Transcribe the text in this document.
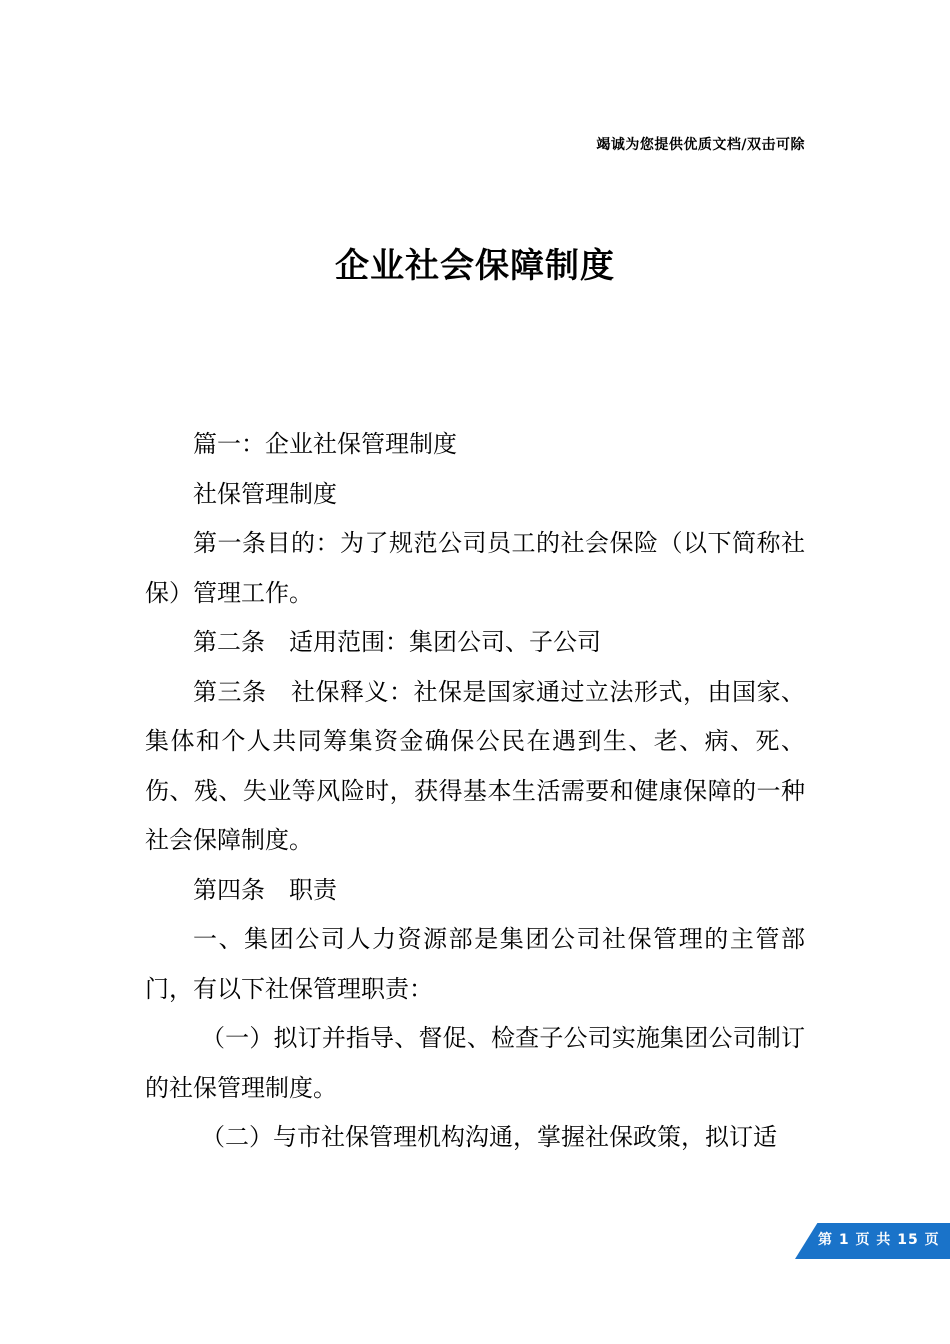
竭诚为您提供优质文档/双击可除
企业社会保障制度

篇一：企业社保管理制度

社保管理制度

第一条目的：为了规范公司员工的社会保险（以下简称社保）管理工作。

第二条　适用范围：集团公司、子公司

第三条　社保释义：社保是国家通过立法形式，由国家、集体和个人共同筹集资金确保公民在遇到生、老、病、死、伤、残、失业等风险时，获得基本生活需要和健康保障的一种社会保障制度。

第四条　职责

一、集团公司人力资源部是集团公司社保管理的主管部门，有以下社保管理职责：

（一）拟订并指导、督促、检查子公司实施集团公司制订的社保管理制度。

（二）与市社保管理机构沟通，掌握社保政策，拟订适

第 1 页 共 15 页
